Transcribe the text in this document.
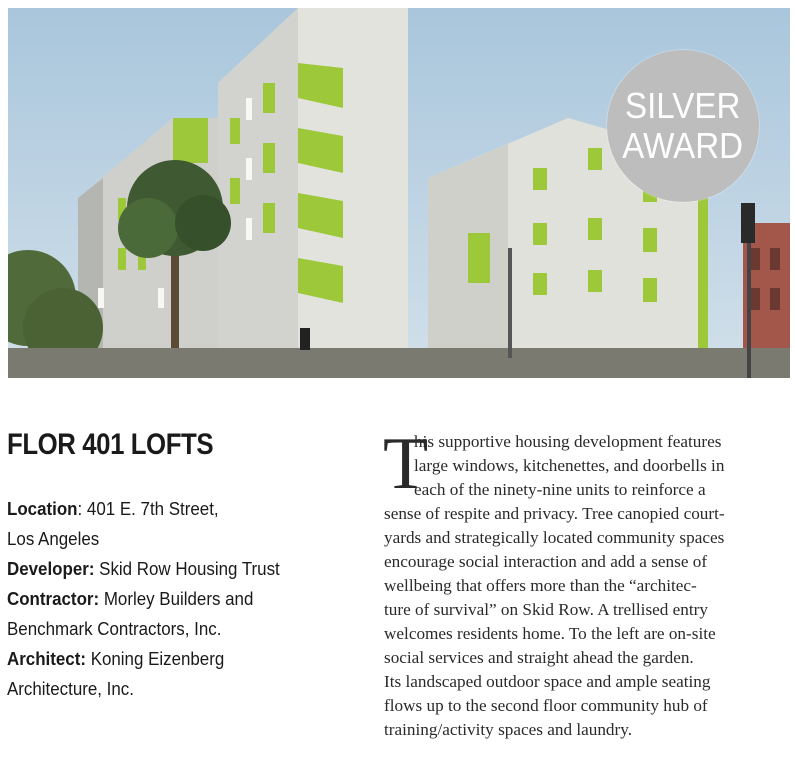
SILVER
AWARD
FLOR 401 LOFTS
Location: 401 E. 7th Street,
Los Angeles
Developer: Skid Row Housing Trust
Contractor: Morley Builders and
Benchmark Contractors, Inc.
Architect: Koning Eizenberg
Architecture, Inc.
T
his supportive housing development features
large windows, kitchenettes, and doorbells in
each of the ninety-nine units to reinforce a
sense of respite and privacy. Tree canopied court-
yards and strategically located community spaces
encourage social interaction and add a sense of
wellbeing that offers more than the “architec-
ture of survival” on Skid Row. A trellised entry
welcomes residents home. To the left are on-site
social services and straight ahead the garden.
Its landscaped outdoor space and ample seating
flows up to the second floor community hub of
training/activity spaces and laundry.
